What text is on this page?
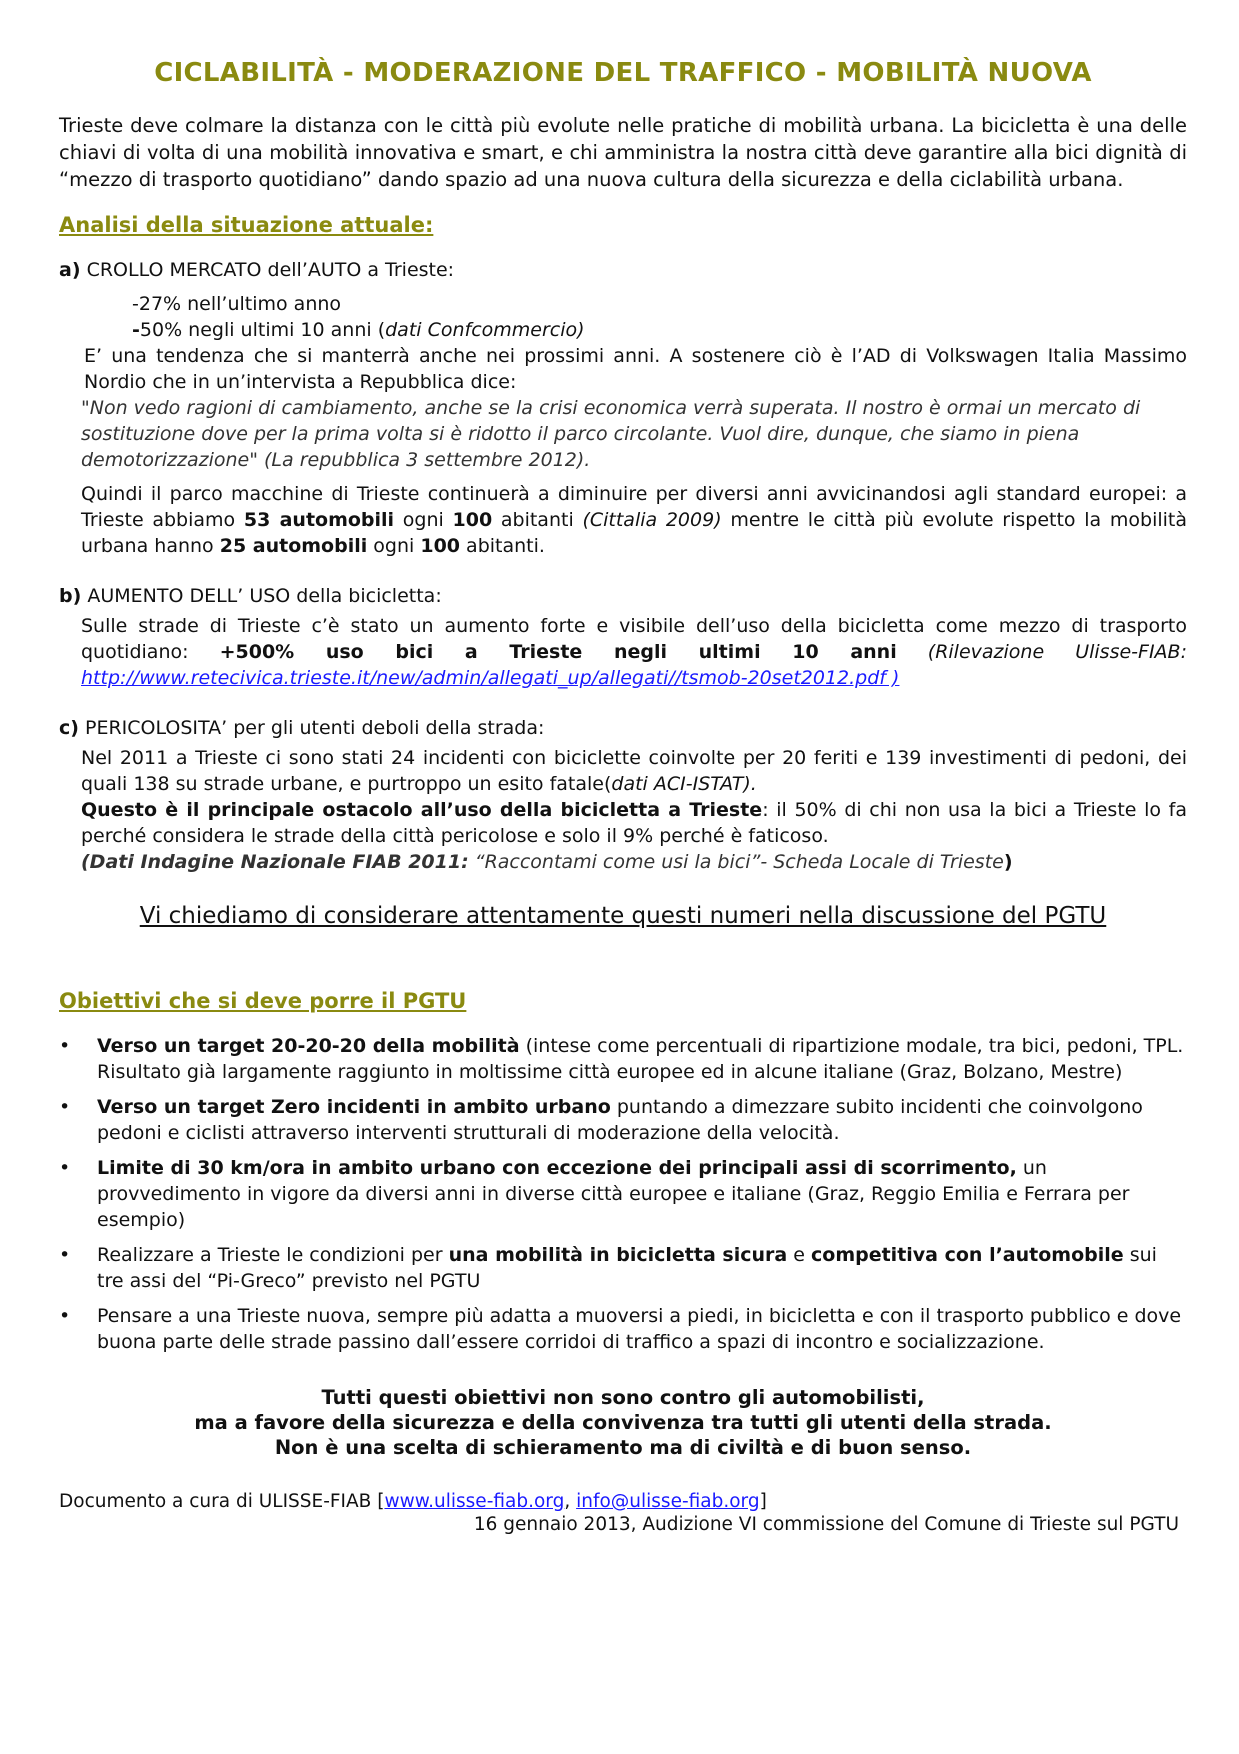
CICLABILITÀ - MODERAZIONE DEL TRAFFICO - MOBILITÀ NUOVA

Trieste deve colmare la distanza con le città più evolute nelle pratiche di mobilità urbana. La bicicletta è una delle chiavi di volta di una mobilità innovativa e smart, e chi amministra la nostra città deve garantire alla bici dignità di “mezzo di trasporto quotidiano” dando spazio ad una nuova cultura della sicurezza e della ciclabilità urbana.

Analisi della situazione attuale:
a) CROLLO MERCATO dell’AUTO a Trieste:
-27% nell’ultimo anno
-50% negli ultimi 10 anni (dati Confcommercio)
E’ una tendenza che si manterrà anche nei prossimi anni. A sostenere ciò è l’AD di Volkswagen Italia Massimo Nordio che in un’intervista a Repubblica dice:
"Non vedo ragioni di cambiamento, anche se la crisi economica verrà superata. Il nostro è ormai un mercato di sostituzione dove per la prima volta si è ridotto il parco circolante. Vuol dire, dunque, che siamo in piena demotorizzazione" (La repubblica 3 settembre 2012).
Quindi il parco macchine di Trieste continuerà a diminuire per diversi anni avvicinandosi agli standard europei: a Trieste abbiamo 53 automobili ogni 100 abitanti (Cittalia 2009) mentre le città più evolute rispetto la mobilità urbana hanno 25 automobili ogni 100 abitanti.
b) AUMENTO DELL’ USO della bicicletta:
Sulle strade di Trieste c’è stato un aumento forte e visibile dell’uso della bicicletta come mezzo di trasporto quotidiano: +500% uso bici a Trieste negli ultimi 10 anni (Rilevazione Ulisse-FIAB: http://www.retecivica.trieste.it/new/admin/allegati_up/allegati//tsmob-20set2012.pdf )
c) PERICOLOSITA’ per gli utenti deboli della strada:
Nel 2011 a Trieste ci sono stati 24 incidenti con biciclette coinvolte per 20 feriti e 139 investimenti di pedoni, dei quali 138 su strade urbane, e purtroppo un esito fatale(dati ACI-ISTAT).
Questo è il principale ostacolo all’uso della bicicletta a Trieste: il 50% di chi non usa la bici a Trieste lo fa perché considera le strade della città pericolose e solo il 9% perché è faticoso.
(Dati Indagine Nazionale FIAB 2011: “Raccontami come usi la bici”- Scheda Locale di Trieste)
Vi chiediamo di considerare attentamente questi numeri nella discussione del PGTU
Obiettivi che si deve porre il PGTU
• Verso un target 20-20-20 della mobilità (intese come percentuali di ripartizione modale, tra bici, pedoni, TPL. Risultato già largamente raggiunto in moltissime città europee ed in alcune italiane (Graz, Bolzano, Mestre)
• Verso un target Zero incidenti in ambito urbano puntando a dimezzare subito incidenti che coinvolgono pedoni e ciclisti attraverso interventi strutturali di moderazione della velocità.
• Limite di 30 km/ora in ambito urbano con eccezione dei principali assi di scorrimento, un provvedimento in vigore da diversi anni in diverse città europee e italiane (Graz, Reggio Emilia e Ferrara per esempio)
• Realizzare a Trieste le condizioni per una mobilità in bicicletta sicura e competitiva con l’automobile sui tre assi del “Pi-Greco” previsto nel PGTU
• Pensare a una Trieste nuova, sempre più adatta a muoversi a piedi, in bicicletta e con il trasporto pubblico e dove buona parte delle strade passino dall’essere corridoi di traffico a spazi di incontro e socializzazione.
Tutti questi obiettivi non sono contro gli automobilisti,
ma a favore della sicurezza e della convivenza tra tutti gli utenti della strada.
Non è una scelta di schieramento ma di civiltà e di buon senso.
Documento a cura di ULISSE-FIAB [www.ulisse-fiab.org, info@ulisse-fiab.org]
16 gennaio 2013, Audizione VI commissione del Comune di Trieste sul PGTU
